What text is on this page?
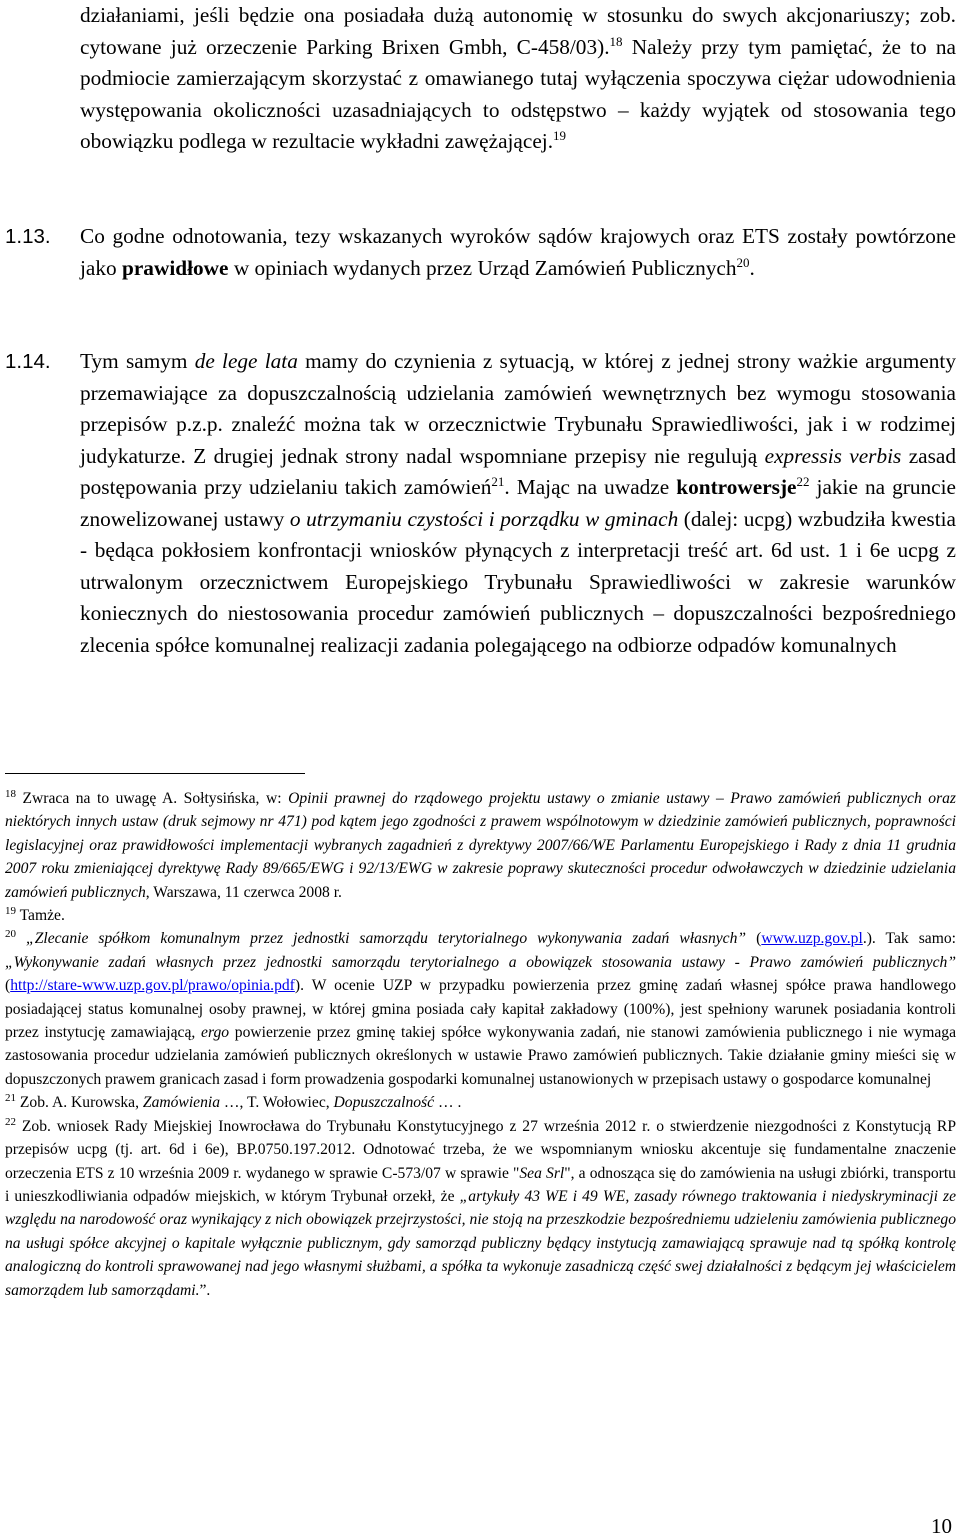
działaniami, jeśli będzie ona posiadała dużą autonomię w stosunku do swych akcjonariuszy; zob. cytowane już orzeczenie Parking Brixen Gmbh, C-458/03).$^{18}$ Należy przy tym pamiętać, że to na podmiocie zamierzającym skorzystać z omawianego tutaj wyłączenia spoczywa ciężar udowodnienia występowania okoliczności uzasadniających to odstępstwo – każdy wyjątek od stosowania tego obowiązku podlega w rezultacie wykładni zawężającej.$^{19}$

1.13. Co godne odnotowania, tezy wskazanych wyroków sądów krajowych oraz ETS zostały powtórzone jako prawidłowe w opiniach wydanych przez Urząd Zamówień Publicznych$^{20}$.

1.14. Tym samym de lege lata mamy do czynienia z sytuacją, w której z jednej strony ważkie argumenty przemawiające za dopuszczalnością udzielania zamówień wewnętrznych bez wymogu stosowania przepisów p.z.p. znaleźć można tak w orzecznictwie Trybunału Sprawiedliwości, jak i w rodzimej judykaturze. Z drugiej jednak strony nadal wspomniane przepisy nie regulują expressis verbis zasad postępowania przy udzielaniu takich zamówień$^{21}$. Mając na uwadze kontrowersje$^{22}$ jakie na gruncie znowelizowanej ustawy o utrzymaniu czystości i porządku w gminach (dalej: ucpg) wzbudziła kwestia - będąca pokłosiem konfrontacji wniosków płynących z interpretacji treść art. 6d ust. 1 i 6e ucpg z utrwalonym orzecznictwem Europejskiego Trybunału Sprawiedliwości w zakresie warunków koniecznych do niestosowania procedur zamówień publicznych – dopuszczalności bezpośredniego zlecenia spółce komunalnej realizacji zadania polegającego na odbiorze odpadów komunalnych

$^{18}$ Zwraca na to uwagę A. Sołtysińska, w: Opinii prawnej do rządowego projektu ustawy o zmianie ustawy – Prawo zamówień publicznych oraz niektórych innych ustaw (druk sejmowy nr 471) pod kątem jego zgodności z prawem wspólnotowym w dziedzinie zamówień publicznych, poprawności legislacyjnej oraz prawidłowości implementacji wybranych zagadnień z dyrektywy 2007/66/WE Parlamentu Europejskiego i Rady z dnia 11 grudnia 2007 roku zmieniającej dyrektywę Rady 89/665/EWG i 92/13/EWG w zakresie poprawy skuteczności procedur odwoławczych w dziedzinie udzielania zamówień publicznych, Warszawa, 11 czerwca 2008 r.

$^{19}$ Tamże.

$^{20}$ „Zlecanie spółkom komunalnym przez jednostki samorządu terytorialnego wykonywania zadań własnych” (www.uzp.gov.pl.). Tak samo: „Wykonywanie zadań własnych przez jednostki samorządu terytorialnego a obowiązek stosowania ustawy - Prawo zamówień publicznych” (http://stare-www.uzp.gov.pl/prawo/opinia.pdf). W ocenie UZP w przypadku powierzenia przez gminę zadań własnej spółce prawa handlowego posiadającej status komunalnej osoby prawnej, w której gmina posiada cały kapitał zakładowy (100%), jest spełniony warunek posiadania kontroli przez instytucję zamawiającą, ergo powierzenie przez gminę takiej spółce wykonywania zadań, nie stanowi zamówienia publicznego i nie wymaga zastosowania procedur udzielania zamówień publicznych określonych w ustawie Prawo zamówień publicznych. Takie działanie gminy mieści się w dopuszczonych prawem granicach zasad i form prowadzenia gospodarki komunalnej ustanowionych w przepisach ustawy o gospodarce komunalnej

$^{21}$ Zob. A. Kurowska, Zamówienia …, T. Wołowiec, Dopuszczalność … .

$^{22}$ Zob. wniosek Rady Miejskiej Inowrocława do Trybunału Konstytucyjnego z 27 września 2012 r. o stwierdzenie niezgodności z Konstytucją RP przepisów ucpg (tj. art. 6d i 6e), BP.0750.197.2012. Odnotować trzeba, że we wspomnianym wniosku akcentuje się fundamentalne znaczenie orzeczenia ETS z 10 września 2009 r. wydanego w sprawie C-573/07 w sprawie "Sea Srl", a odnosząca się do zamówienia na usługi zbiórki, transportu i unieszkodliwiania odpadów miejskich, w którym Trybunał orzekł, że „artykuły 43 WE i 49 WE, zasady równego traktowania i niedyskryminacji ze względu na narodowość oraz wynikający z nich obowiązek przejrzystości, nie stoją na przeszkodzie bezpośredniemu udzieleniu zamówienia publicznego na usługi spółce akcyjnej o kapitale wyłącznie publicznym, gdy samorząd publiczny będący instytucją zamawiającą sprawuje nad tą spółką kontrolę analogiczną do kontroli sprawowanej nad jego własnymi służbami, a spółka ta wykonuje zasadniczą część swej działalności z będącym jej właścicielem samorządem lub samorządami.”.

10
